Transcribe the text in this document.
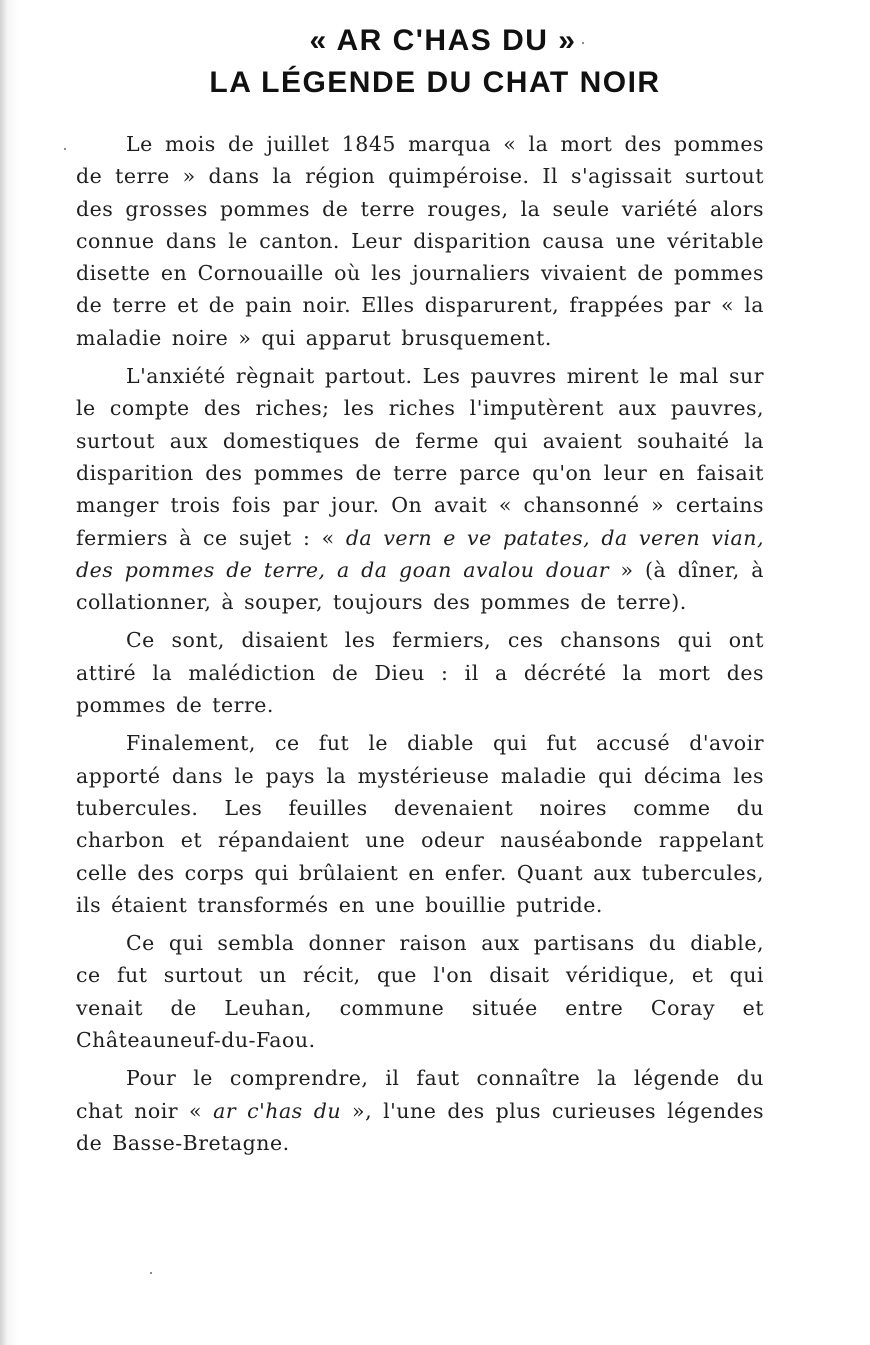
« AR C'HAS DU »
LA LÉGENDE DU CHAT NOIR

Le mois de juillet 1845 marqua « la mort des pommes de terre » dans la région quimpéroise. Il s'agissait surtout des grosses pommes de terre rouges, la seule variété alors connue dans le canton. Leur disparition causa une véritable disette en Cornouaille où les journaliers vivaient de pommes de terre et de pain noir. Elles disparurent, frappées par « la maladie noire » qui apparut brusquement.

L'anxiété règnait partout. Les pauvres mirent le mal sur le compte des riches; les riches l'imputèrent aux pauvres, surtout aux domestiques de ferme qui avaient souhaité la disparition des pommes de terre parce qu'on leur en faisait manger trois fois par jour. On avait « chansonné » certains fermiers à ce sujet : « da vern e ve patates, da veren vian, des pommes de terre, a da goan avalou douar » (à dîner, à collationner, à souper, toujours des pommes de terre).

Ce sont, disaient les fermiers, ces chansons qui ont attiré la malédiction de Dieu : il a décrété la mort des pommes de terre.

Finalement, ce fut le diable qui fut accusé d'avoir apporté dans le pays la mystérieuse maladie qui décima les tubercules. Les feuilles devenaient noires comme du charbon et répandaient une odeur nauséabonde rappelant celle des corps qui brûlaient en enfer. Quant aux tubercules, ils étaient transformés en une bouillie putride.

Ce qui sembla donner raison aux partisans du diable, ce fut surtout un récit, que l'on disait véridique, et qui venait de Leuhan, commune située entre Coray et Châteauneuf-du-Faou.

Pour le comprendre, il faut connaître la légende du chat noir « ar c'has du », l'une des plus curieuses légendes de Basse-Bretagne.
